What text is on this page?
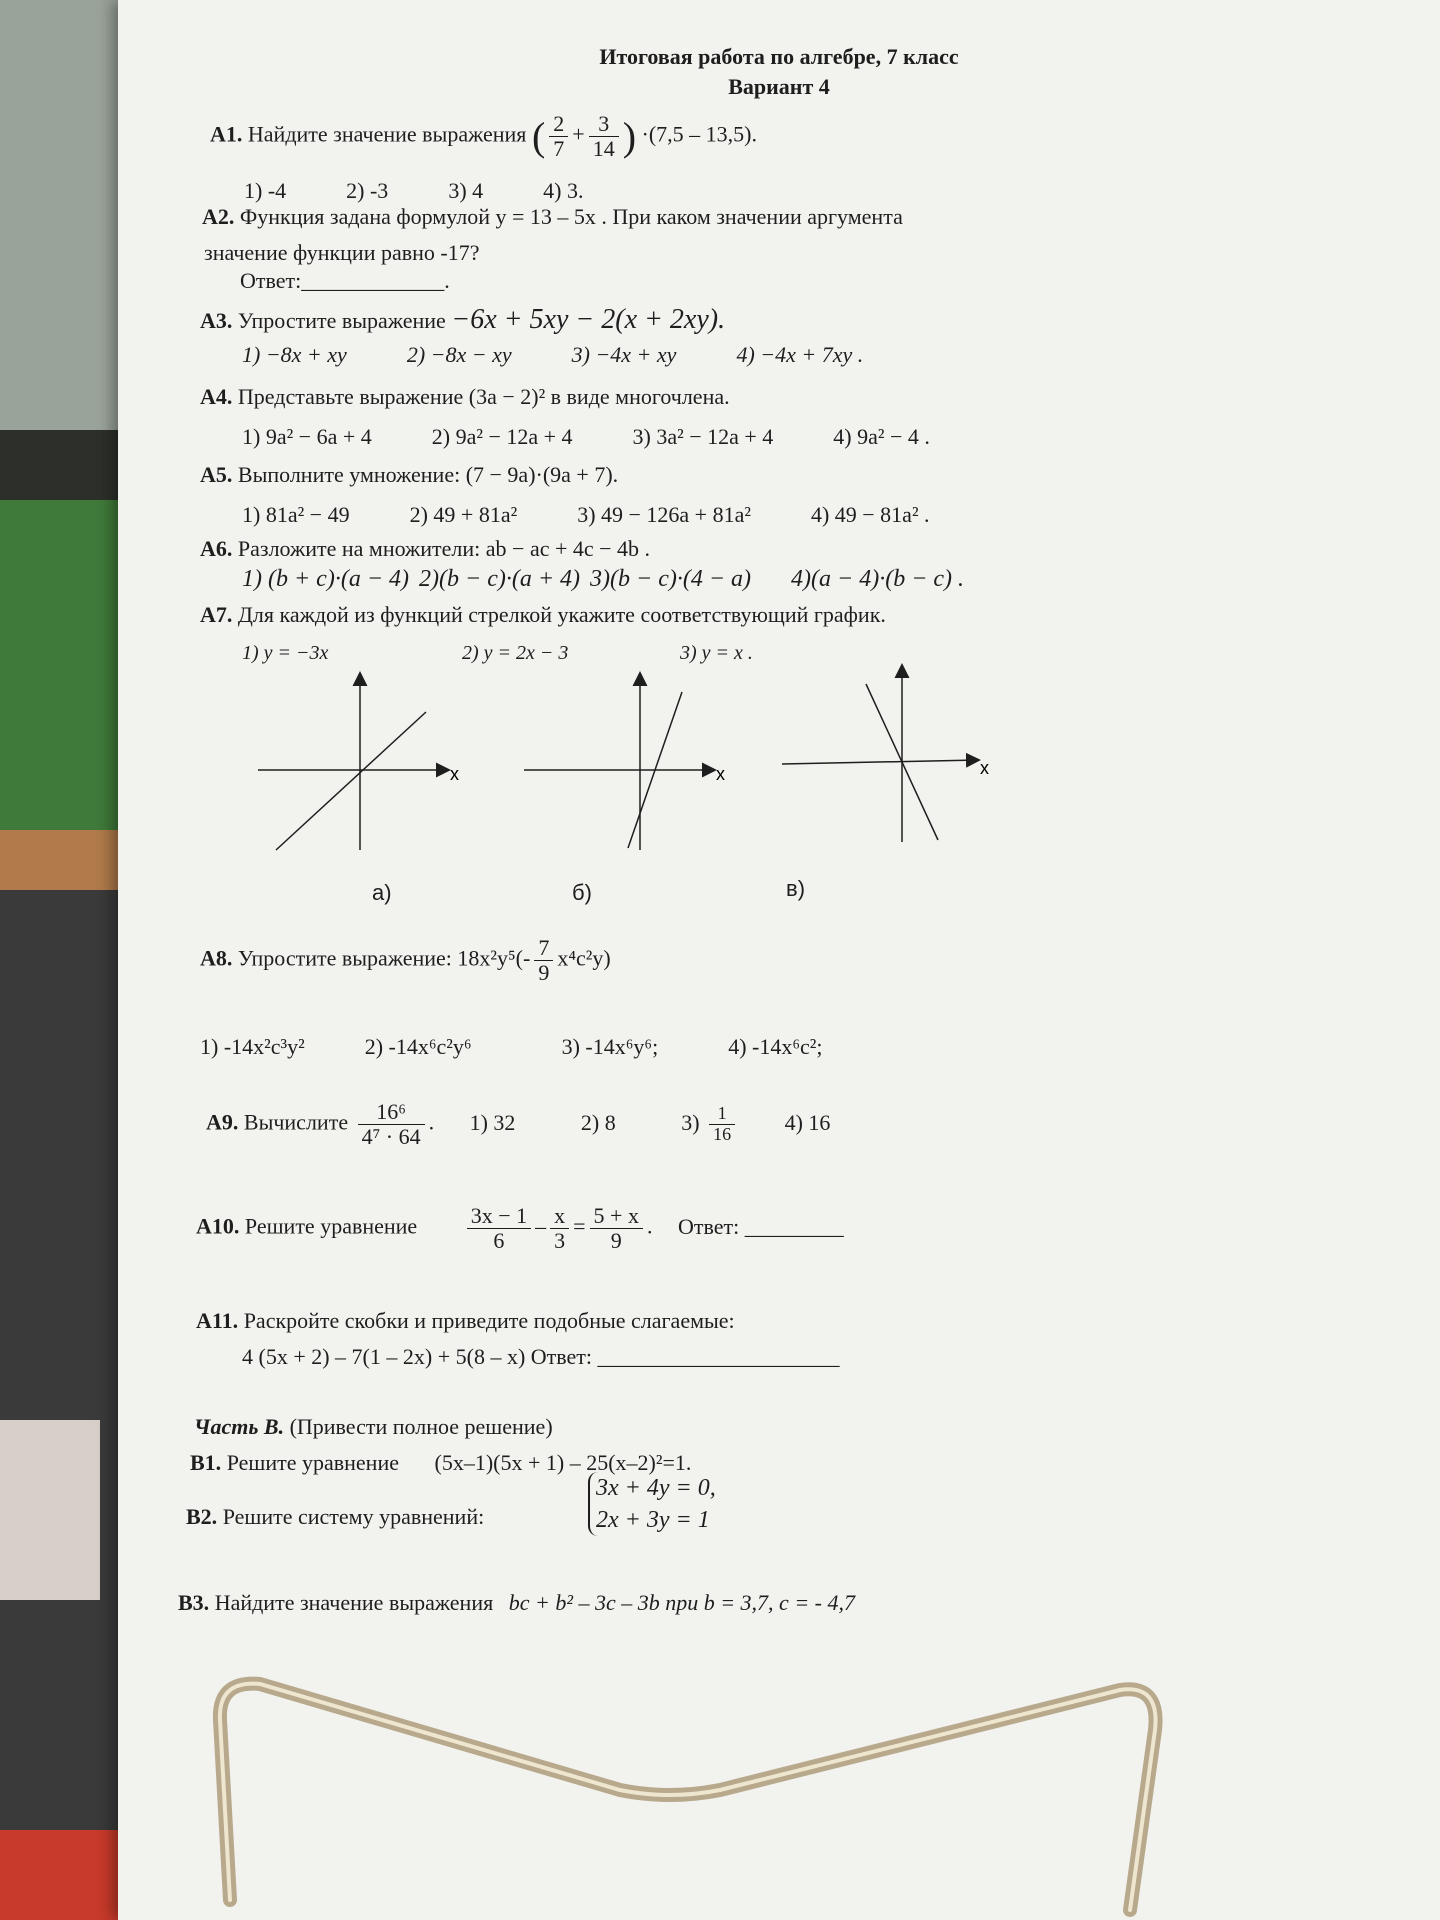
Итоговая работа по алгебре, 7 класс
Вариант 4
А1. Найдите значение выражения ( $\frac{2}{7} + \frac{3}{14}$ ) ·(7,5 – 13,5).
1) -4	2) -3	3) 4	4) 3.
А2. Функция задана формулой y = 13 – 5x . При каком значении аргумента
значение функции равно -17?
Ответ:_____________.
А3. Упростите выражение −6x + 5xy − 2(x + 2xy).
1) −8x + xy	2) −8x − xy	3) −4x + xy	4) −4x + 7xy .
А4. Представьте выражение (3a − 2)² в виде многочлена.
1) 9a² − 6a + 4	2) 9a² − 12a + 4	3) 3a² − 12a + 4	4) 9a² − 4 .
А5. Выполните умножение: (7 − 9a)·(9a + 7).
1) 81a² − 49	2) 49 + 81a²	3) 49 − 126a + 81a²	4) 49 − 81a² .
А6. Разложите на множители: ab − ac + 4c − 4b .
1) (b + c)·(a − 4) 2)(b − c)·(a + 4) 3)(b − c)·(4 − a) 4)(a − 4)·(b − c) .
А7. Для каждой из функций стрелкой укажите соответствующий график.
1) y = −3x	2) y = 2x − 3	3) y = x .
x	x	x
а)	б)	в)
А8. Упростите выражение: $18x^2y^5(- \frac{7}{9} x^4c^2y)$
1) -14x²c³y²	2) -14x⁶c²y⁶	3) -14x⁶y⁶;	4) -14x⁶c²;
А9. Вычислите $\frac{\text{16⁶}}{\text{4⁷ · 64}}$ . 1) 32	2) 8	$3) \frac{1}{16} 4$) 16
А10. Решите уравнение $\frac{3x - 1}{6} - \frac{x}{3} = \frac{5 + x}{9}$ . Ответ: _________
А11. Раскройте скобки и приведите подобные слагаемые:
4 (5x + 2) – 7(1 – 2x) + 5(8 – x) Ответ: ______________________
Часть В. (Привести полное решение)
В1. Решите уравнение (5x–1)(5x + 1) – 25(x–2)²=1.
В2. Решите систему уравнений:
3x + 4y = 0,
2x + 3y = 1
В3. Найдите значение выражения bc + b² – 3c – 3b при b = 3,7, c = - 4,7
